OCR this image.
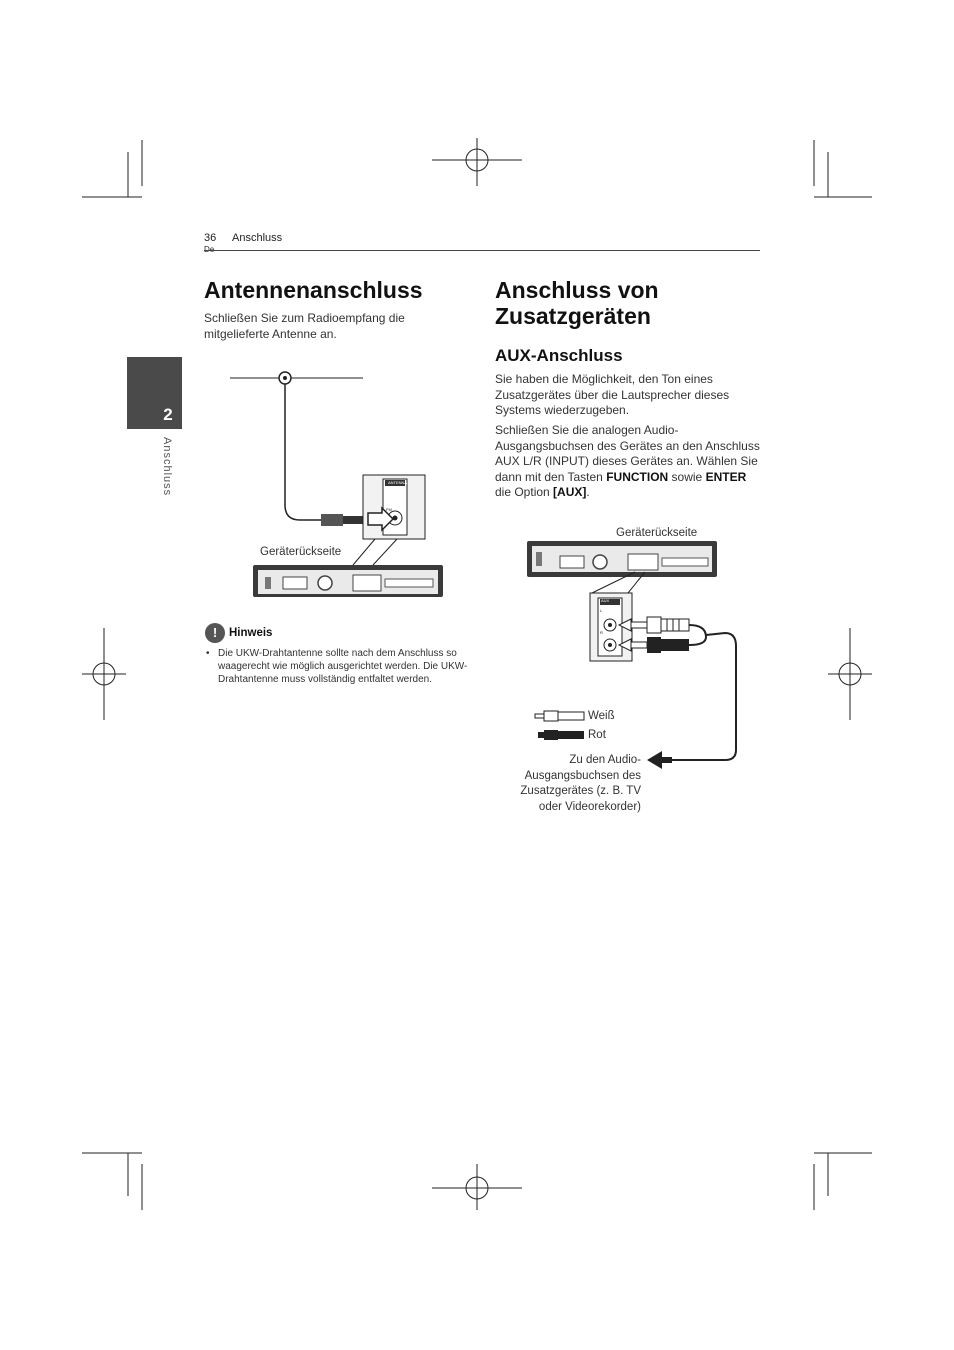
36 Anschluss
2
Anschluss
Antennenanschluss
Schließen Sie zum Radioempfang die mitgelieferte Antenne an.
Geräterückseite
ANTENNA
FM
!	Hinweis
• Die UKW-Drahtantenne sollte nach dem Anschluss so waagerecht wie möglich ausgerichtet werden. Die UKW-Drahtantenne muss vollständig entfaltet werden.
Anschluss von
Zusatzgeräten
AUX-Anschluss
Sie haben die Möglichkeit, den Ton eines Zusatzgerätes über die Lautsprecher dieses Systems wiederzugeben.
Schließen Sie die analogen Audio-Ausgangsbuchsen des Gerätes an den Anschluss AUX L/R (INPUT) dieses Gerätes an. Wählen Sie dann mit den Tasten FUNCTION sowie ENTER die Option [AUX].
Geräterückseite
AUX
L
R
Weiß
Rot
Zu den Audio-Ausgangsbuchsen des Zusatzgerätes (z. B. TV oder Videorekorder)
